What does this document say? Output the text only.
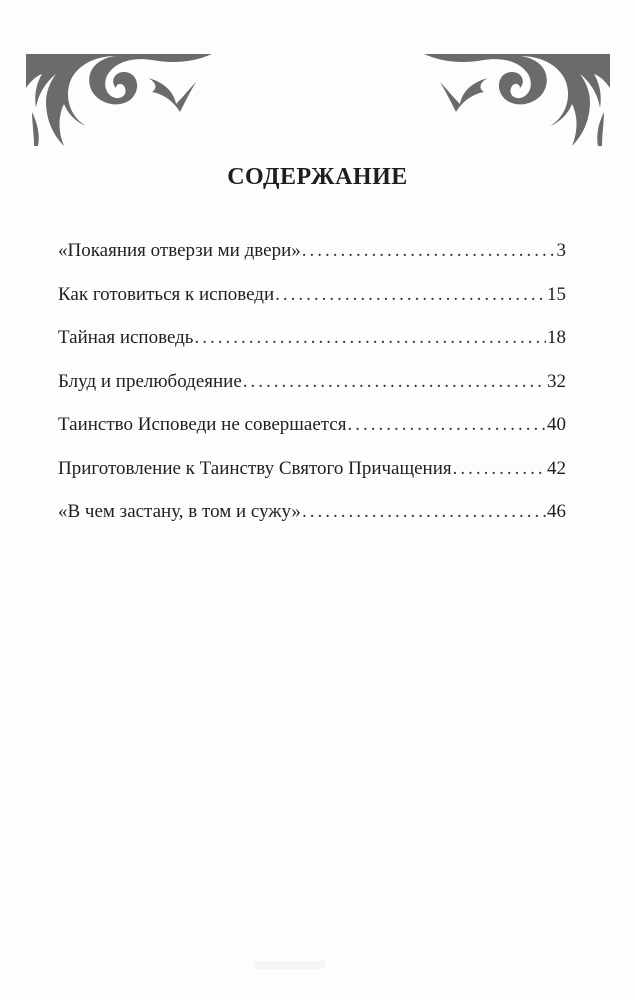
СОДЕРЖАНИЕ
«Покаяния отверзи ми двери» .....	3
Как готовиться к исповеди .....	15
Тайная исповедь .....	18
Блуд и прелюбодеяние .....	32
Таинство Исповеди не совершается .....	40
Приготовление к Таинству Святого Причащения .....	42
«В чем застану, в том и сужу» .....	46
